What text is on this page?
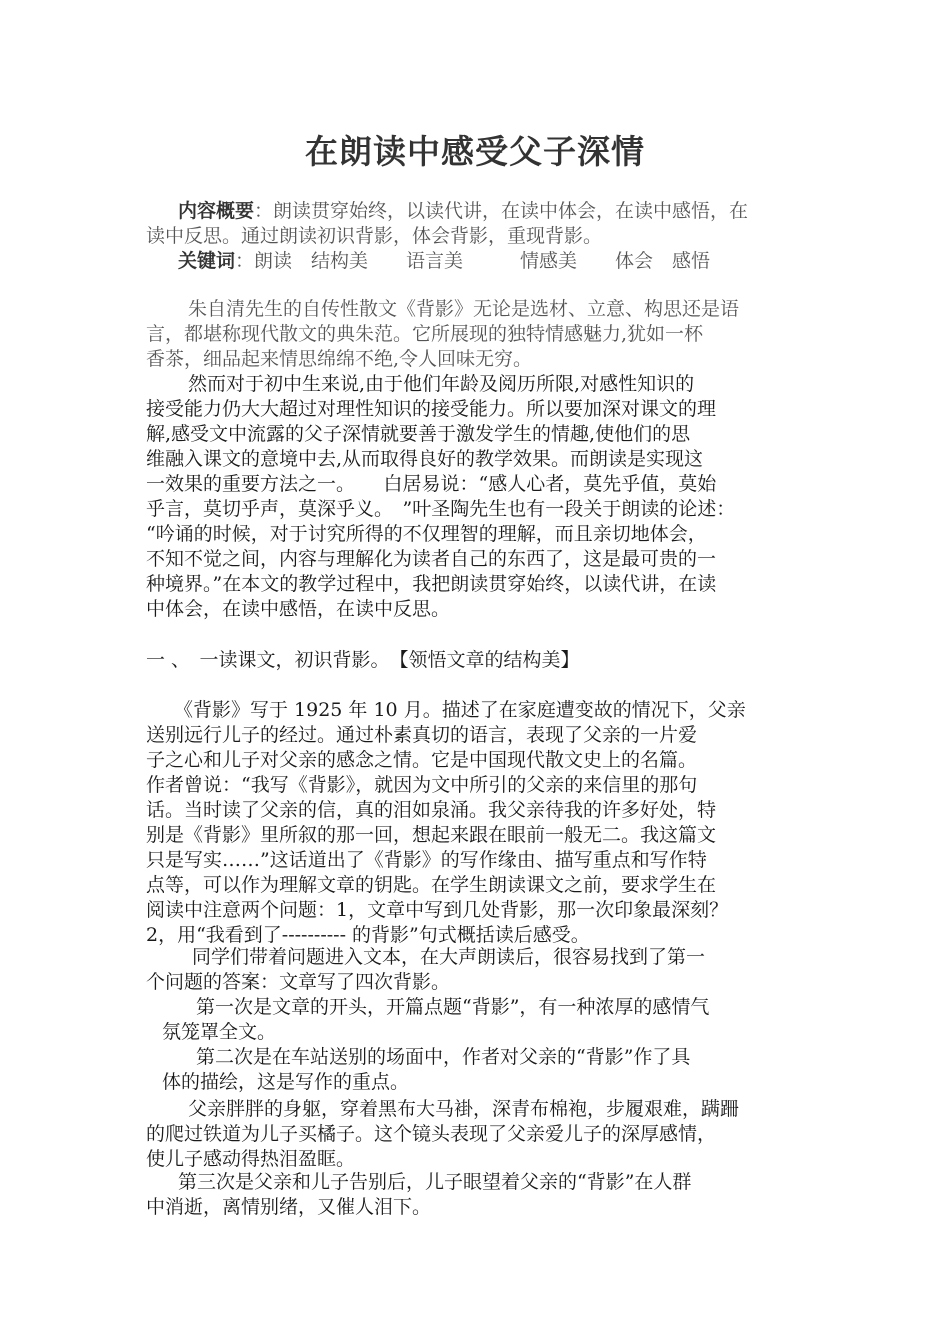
在朗读中感受父子深情
内容概要：朗读贯穿始终，以读代讲，在读中体会，在读中感悟，在
读中反思。通过朗读初识背影，体会背影，重现背影。
关键词：朗读　结构美　　语言美　　　情感美　　体会　感悟
朱自清先生的自传性散文《背影》无论是选材、立意、构思还是语
言，都堪称现代散文的典朱范。它所展现的独特情感魅力,犹如一杯
香茶，细品起来情思绵绵不绝,令人回味无穷。
然而对于初中生来说,由于他们年龄及阅历所限,对感性知识的
接受能力仍大大超过对理性知识的接受能力。所以要加深对课文的理
解,感受文中流露的父子深情就要善于激发学生的情趣,使他们的思
维融入课文的意境中去,从而取得良好的教学效果。而朗读是实现这
一效果的重要方法之一。　　白居易说：“感人心者，莫先乎值，莫始
乎言，莫切乎声，莫深乎义。　”叶圣陶先生也有一段关于朗读的论述：
“吟诵的时候，对于讨究所得的不仅理智的理解，而且亲切地体会，
不知不觉之间，内容与理解化为读者自己的东西了，这是最可贵的一
种境界。”在本文的教学过程中，我把朗读贯穿始终，以读代讲，在读
中体会，在读中感悟，在读中反思。
一 、　一读课文，初识背影。　【领悟文章的结构美】
《背影》写于 1925 年 10 月。描述了在家庭遭变故的情况下，父亲
送别远行儿子的经过。通过朴素真切的语言，表现了父亲的一片爱
子之心和儿子对父亲的感念之情。它是中国现代散文史上的名篇。
作者曾说：“我写《背影》，就因为文中所引的父亲的来信里的那句
话。当时读了父亲的信，真的泪如泉涌。我父亲待我的许多好处，特
别是《背影》里所叙的那一回，想起来跟在眼前一般无二。我这篇文
只是写实……”这话道出了《背影》的写作缘由、描写重点和写作特
点等，可以作为理解文章的钥匙。在学生朗读课文之前，要求学生在
阅读中注意两个问题：1，文章中写到几处背影，那一次印象最深刻？
2，用“我看到了---------- 的背影”句式概括读后感受。
同学们带着问题进入文本，在大声朗读后，很容易找到了第一
个问题的答案：文章写了四次背影。
第一次是文章的开头，开篇点题“背影”，有一种浓厚的感情气
氛笼罩全文。
第二次是在车站送别的场面中，作者对父亲的“背影”作了具
体的描绘，这是写作的重点。
父亲胖胖的身躯，穿着黑布大马褂，深青布棉袍，步履艰难，蹒跚
的爬过铁道为儿子买橘子。这个镜头表现了父亲爱儿子的深厚感情，
使儿子感动得热泪盈眶。
第三次是父亲和儿子告别后，儿子眼望着父亲的“背影”在人群
中消逝，离情别绪，又催人泪下。
